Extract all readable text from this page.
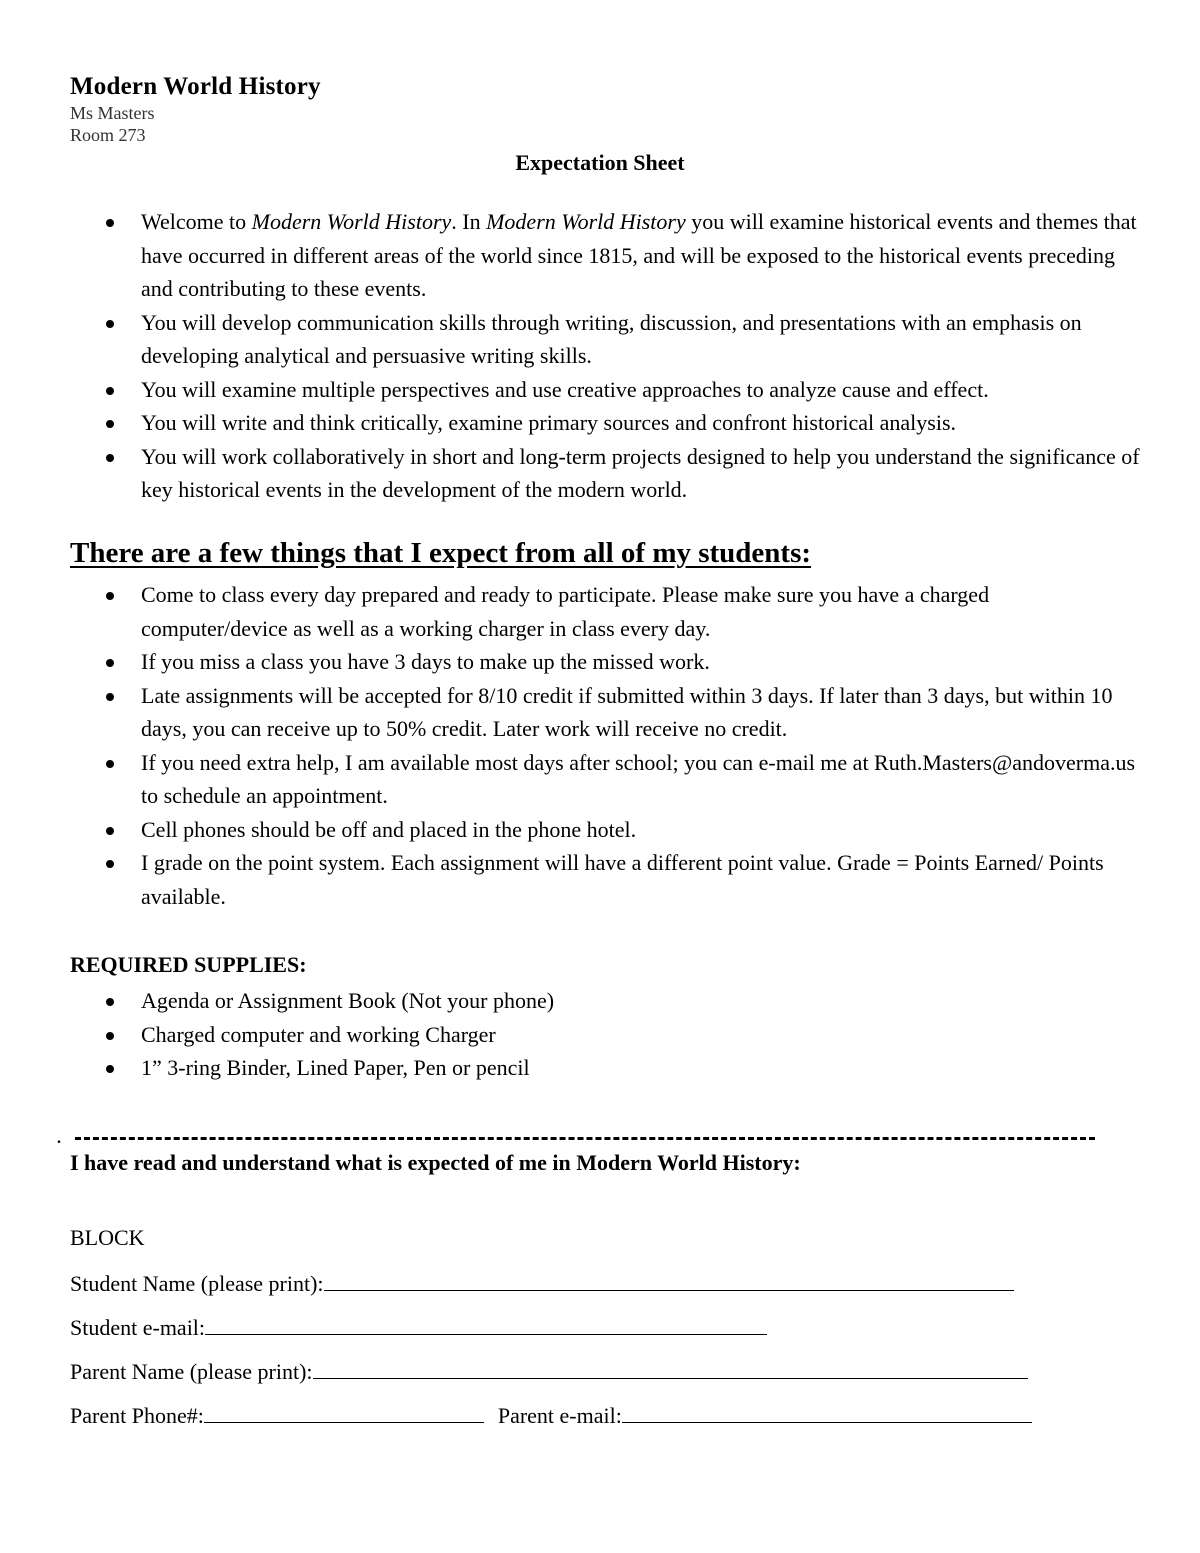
Modern World History
Ms Masters
Room 273
Expectation Sheet
Welcome to Modern World History. In Modern World History you will examine historical events and themes that have occurred in different areas of the world since 1815, and will be exposed to the historical events preceding and contributing to these events.
You will develop communication skills through writing, discussion, and presentations with an emphasis on developing analytical and persuasive writing skills.
You will examine multiple perspectives and use creative approaches to analyze cause and effect.
You will write and think critically, examine primary sources and confront historical analysis.
You will work collaboratively in short and long-term projects designed to help you understand the significance of key historical events in the development of the modern world.
There are a few things that I expect from all of my students:
Come to class every day prepared and ready to participate. Please make sure you have a charged computer/device as well as a working charger in class every day.
If you miss a class you have 3 days to make up the missed work.
Late assignments will be accepted for 8/10 credit if submitted within 3 days. If later than 3 days, but within 10 days, you can receive up to 50% credit. Later work will receive no credit.
If you need extra help, I am available most days after school; you can e-mail me at Ruth.Masters@andoverma.us to schedule an appointment.
Cell phones should be off and placed in the phone hotel.
I grade on the point system. Each assignment will have a different point value. Grade = Points Earned/ Points available.
REQUIRED SUPPLIES:
Agenda or Assignment Book (Not your phone)
Charged computer and working Charger
1” 3-ring Binder, Lined Paper, Pen or pencil
.
I have read and understand what is expected of me in Modern World History:
BLOCK
Student Name (please print):
Student e-mail:
Parent Name (please print):
Parent Phone#:	Parent e-mail:
